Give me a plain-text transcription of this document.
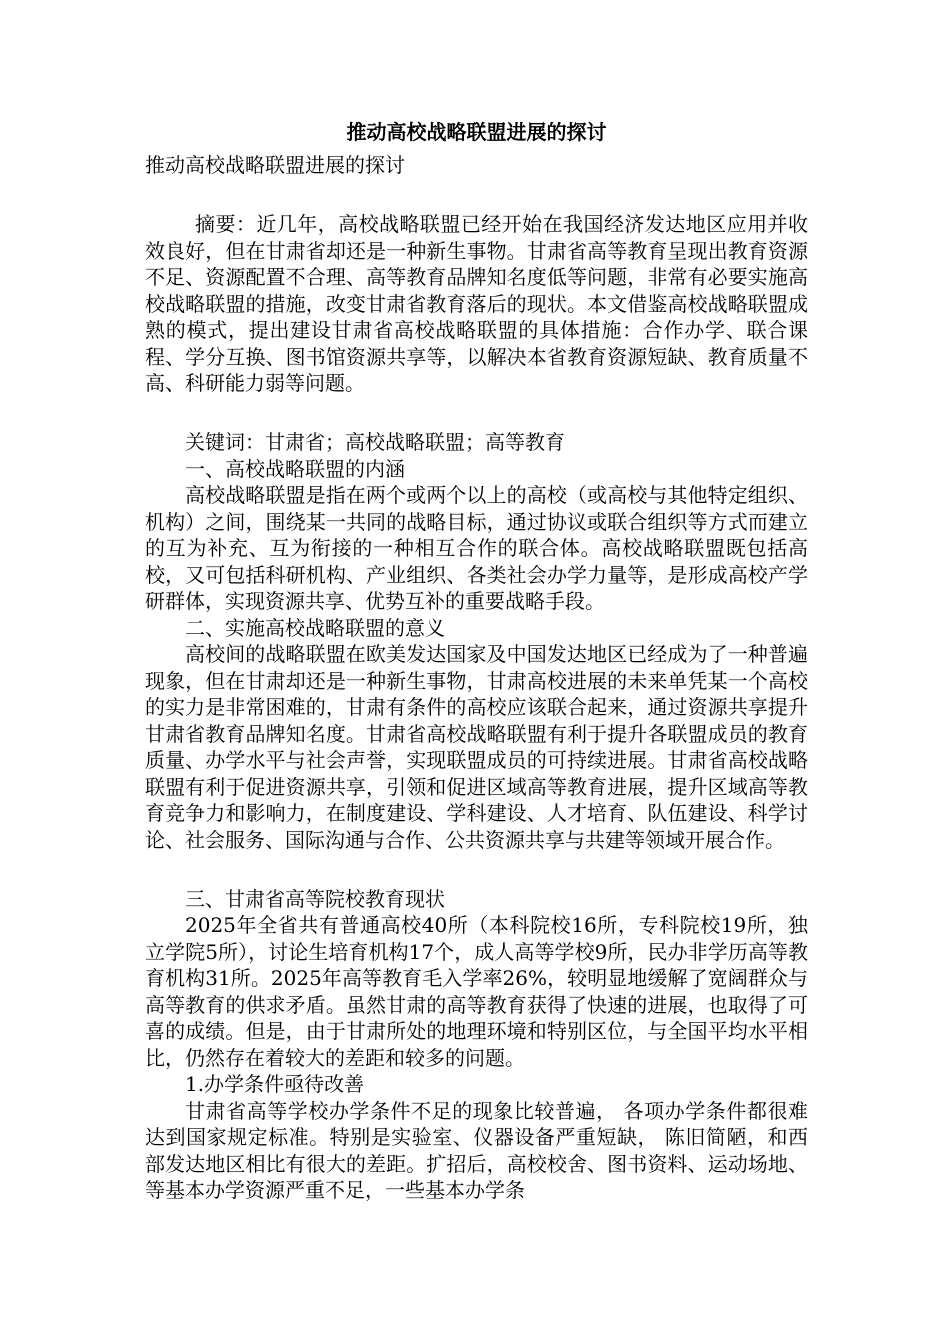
推动高校战略联盟进展的探讨

推动高校战略联盟进展的探讨

摘要：近几年，高校战略联盟已经开始在我国经济发达地区应用并收效良好，但在甘肃省却还是一种新生事物。甘肃省高等教育呈现出教育资源不足、资源配置不合理、高等教育品牌知名度低等问题，非常有必要实施高校战略联盟的措施，改变甘肃省教育落后的现状。本文借鉴高校战略联盟成熟的模式，提出建设甘肃省高校战略联盟的具体措施：合作办学、联合课程、学分互换、图书馆资源共享等，以解决本省教育资源短缺、教育质量不高、科研能力弱等问题。

关键词：甘肃省；高校战略联盟；高等教育

一、高校战略联盟的内涵

高校战略联盟是指在两个或两个以上的高校（或高校与其他特定组织、机构）之间，围绕某一共同的战略目标，通过协议或联合组织等方式而建立的互为补充、互为衔接的一种相互合作的联合体。高校战略联盟既包括高校，又可包括科研机构、产业组织、各类社会办学力量等，是形成高校产学研群体，实现资源共享、优势互补的重要战略手段。

二、实施高校战略联盟的意义

高校间的战略联盟在欧美发达国家及中国发达地区已经成为了一种普遍现象，但在甘肃却还是一种新生事物，甘肃高校进展的未来单凭某一个高校的实力是非常困难的，甘肃有条件的高校应该联合起来，通过资源共享提升甘肃省教育品牌知名度。甘肃省高校战略联盟有利于提升各联盟成员的教育质量、办学水平与社会声誉，实现联盟成员的可持续进展。甘肃省高校战略联盟有利于促进资源共享，引领和促进区域高等教育进展，提升区域高等教育竞争力和影响力，在制度建设、学科建设、人才培育、队伍建设、科学讨论、社会服务、国际沟通与合作、公共资源共享与共建等领域开展合作。

三、甘肃省高等院校教育现状

2025年全省共有普通高校40所（本科院校16所，专科院校19所，独立学院5所），讨论生培育机构17个，成人高等学校9所，民办非学历高等教育机构31所。2025年高等教育毛入学率26%，较明显地缓解了宽阔群众与高等教育的供求矛盾。虽然甘肃的高等教育获得了快速的进展，也取得了可喜的成绩。但是，由于甘肃所处的地理环境和特别区位，与全国平均水平相比，仍然存在着较大的差距和较多的问题。

1.办学条件亟待改善

甘肃省高等学校办学条件不足的现象比较普遍， 各项办学条件都很难达到国家规定标准。特别是实验室、仪器设备严重短缺， 陈旧简陋，和西部发达地区相比有很大的差距。扩招后，高校校舍、图书资料、运动场地、等基本办学资源严重不足，一些基本办学条
